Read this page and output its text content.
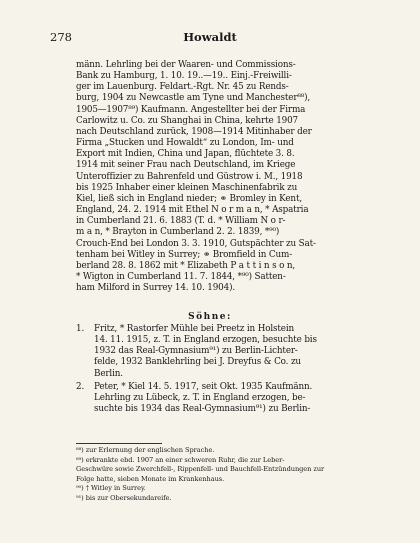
278	Howaldt
männ. Lehrling bei der Waaren- und Commissions-
Bank zu Hamburg, 1. 10. 19..—19.. Einj.-Freiwilli-
ger im Lauenburg. Feldart.-Rgt. Nr. 45 zu Rends-
burg, 1904 zu Newcastle am Tyne und Manchester⁸⁸),
1905—1907⁸⁹) Kaufmann. Angestellter bei der Firma
Carlowitz u. Co. zu Shanghai in China, kehrte 1907
nach Deutschland zurück, 1908—1914 Mitinhaber der
Firma „Stucken und Howaldt“ zu London, Im- und
Export mit Indien, China und Japan, flüchtete 3. 8.
1914 mit seiner Frau nach Deutschland, im Kriege
Unteroffizier zu Bahrenfeld und Güstrow i. M., 1918
bis 1925 Inhaber einer kleinen Maschinenfabrik zu
Kiel, ließ sich in England nieder; ⚭ Bromley in Kent,
England, 24. 2. 1914 mit Ethel N o r m a n, * Aspatria
in Cumberland 21. 6. 1883 (T. d. * William N o r-
m a n, * Brayton in Cumberland 2. 2. 1839, *⁹⁰)
Crouch-End bei London 3. 3. 1910, Gutspächter zu Sat-
tenham bei Witley in Surrey; ⚭ Bromfield in Cum-
berland 28. 8. 1862 mit * Elizabeth P a t t i n s o n,
* Wigton in Cumberland 11. 7. 1844, *⁹⁰) Satten-
ham Milford in Surrey 14. 10. 1904).
Söhne:
1. Fritz, * Rastorfer Mühle bei Preetz in Holstein
14. 11. 1915, z. T. in England erzogen, besuchte bis
1932 das Real-Gymnasium⁹¹) zu Berlin-Lichter-
felde, 1932 Banklehrling bei J. Dreyfus & Co. zu
Berlin.
2. Peter, * Kiel 14. 5. 1917, seit Okt. 1935 Kaufmänn.
Lehrling zu Lübeck, z. T. in England erzogen, be-
suchte bis 1934 das Real-Gymnasium⁹¹) zu Berlin-
⁸⁸) zur Erlernung der englischen Sprache.
⁸⁹) erkrankte ebd. 1907 an einer schweren Ruhr, die zur Leber-
Geschwüre sowie Zwerchfell-, Rippenfell- und Bauchfell-Entzündungen zur
Folge hatte, sieben Monate im Krankenhaus.
⁹⁰) † Witley in Surrey.
⁹¹) bis zur Obersekundareife.
